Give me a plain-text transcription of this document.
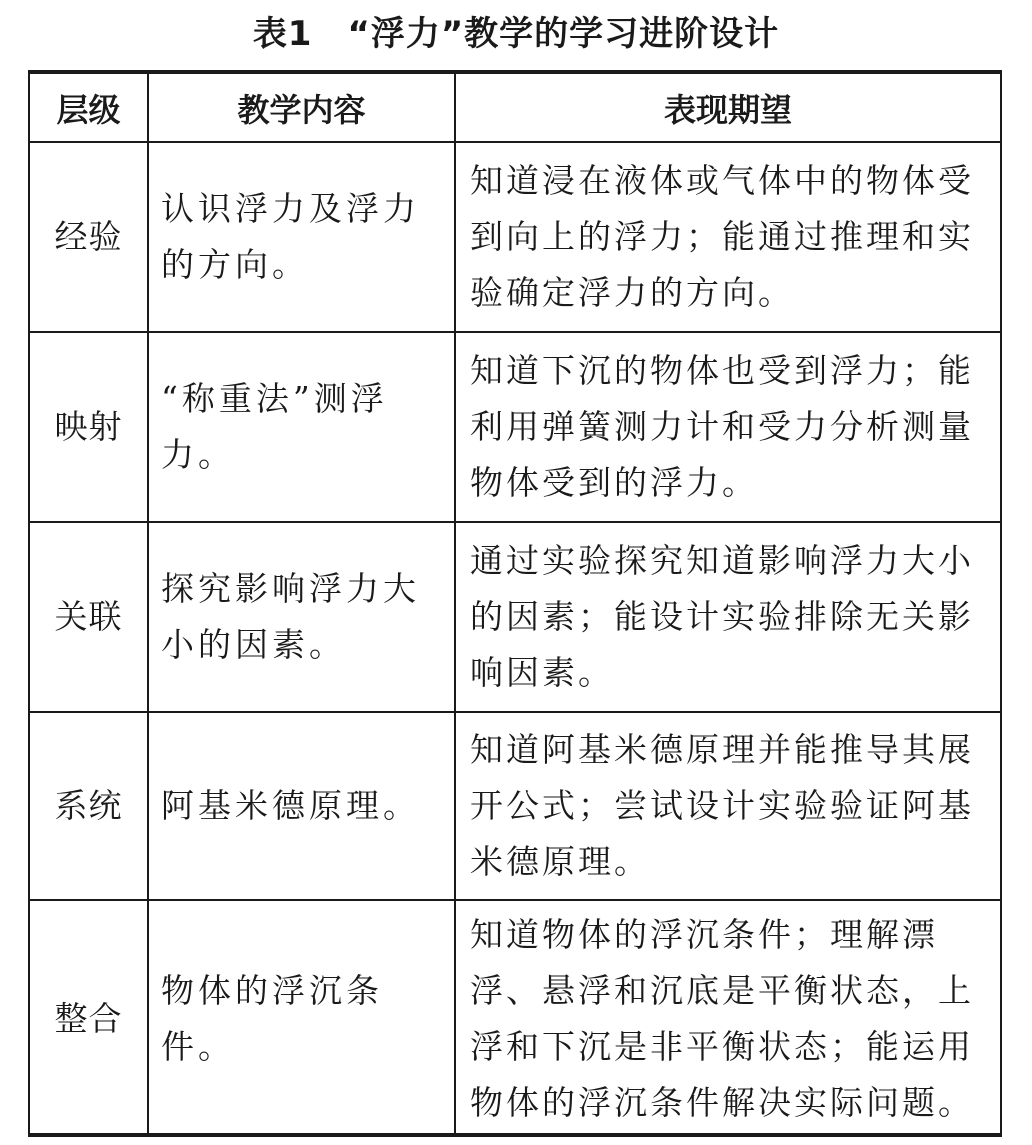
表1　“浮力”教学的学习进阶设计
层级	教学内容	表现期望
经验	认识浮力及浮力的方向。	知道浸在液体或气体中的物体受到向上的浮力；能通过推理和实验确定浮力的方向。
映射	“称重法”测浮力。	知道下沉的物体也受到浮力；能利用弹簧测力计和受力分析测量物体受到的浮力。
关联	探究影响浮力大小的因素。	通过实验探究知道影响浮力大小的因素；能设计实验排除无关影响因素。
系统	阿基米德原理。	知道阿基米德原理并能推导其展开公式；尝试设计实验验证阿基米德原理。
整合	物体的浮沉条件。	知道物体的浮沉条件；理解漂浮、悬浮和沉底是平衡状态，上浮和下沉是非平衡状态；能运用物体的浮沉条件解决实际问题。
